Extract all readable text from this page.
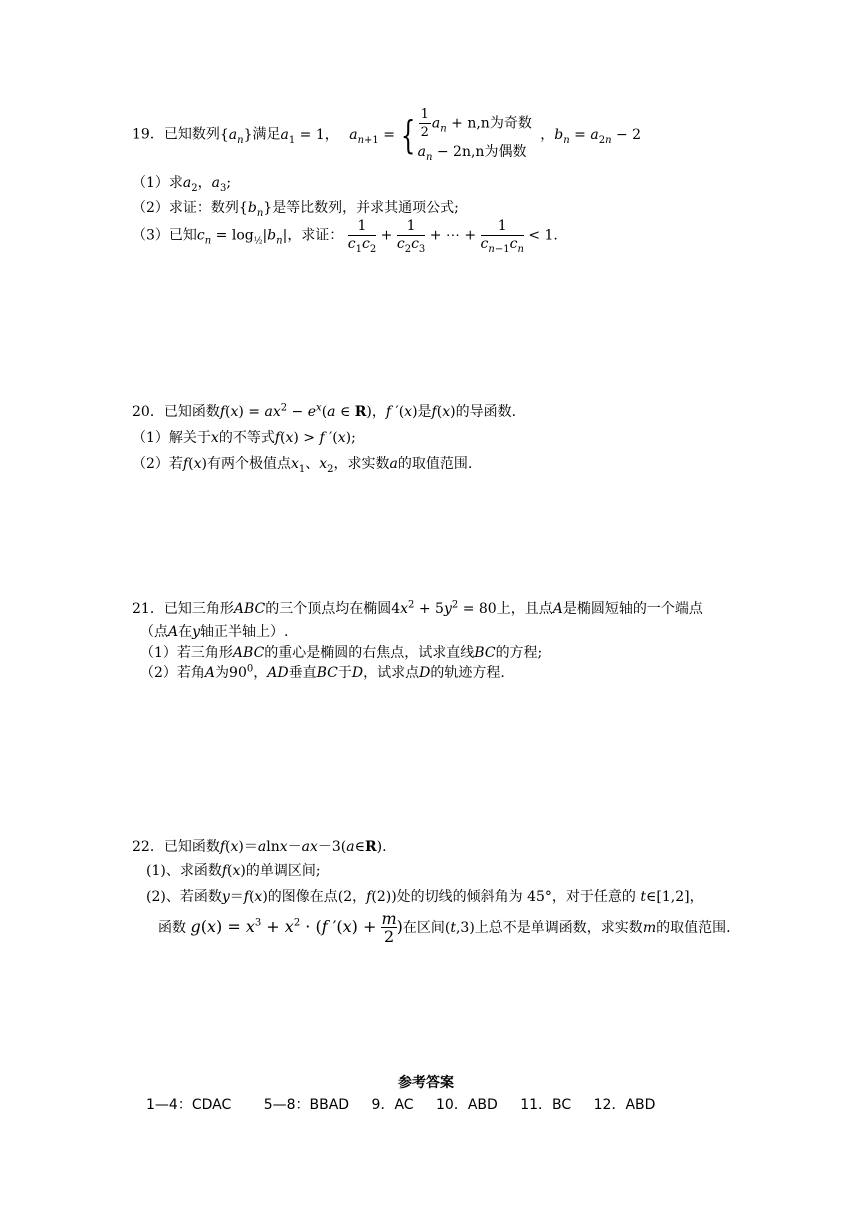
19．已知数列$\{a_n\}$满足$a_1 = 1$， $a_{n+1}$ = { $\frac{1}{2} a_n + n,n$为奇数
$a_n - 2n,n$为偶数
，$b_n = a_{2n} - 2$
（1）求$a_2$，$a_3$;
（2）求证：数列$\{b_n\}$是等比数列，并求其通项公式;
（3）已知$c_n = \log_{\frac{1}{2}}|b_n|$，求证： $\frac{1}{c_1c_2} + \frac{1}{c_2c_3}$ + ⋯ + $\frac{1}{c_{n-1}c_n} < 1$.
20．已知函数$f(x) = ax^2 - e^x(a$ ∈ R)，f ′(x)是f(x)的导函数.
（1）解关于x的不等式f(x) > f ′(x);
（2）若f(x)有两个极值点$x_1$、$x_2$，求实数a的取值范围.
21．已知三角形ABC的三个顶点均在椭圆$4x^2 + 5y^2 = 80$上，且点A是椭圆短轴的一个端点
（点A在y轴正半轴上）.
（1）若三角形ABC的重心是椭圆的右焦点，试求直线BC的方程;
（2）若角A为$90^0$，AD垂直BC于D，试求点D的轨迹方程.
22．已知函数f(x)＝alnx－ax－3(a∈R).
(1)、求函数f(x)的单调区间;
(2)、若函数y＝f(x)的图像在点(2，f(2))处的切线的倾斜角为 45°，对于任意的 t∈[1,2]，
函数 $g(x) = x^3 + x^2 \cdot (f$ $'(x) + \frac{m}{2}$ )在区间(t,3)上总不是单调函数，求实数m的取值范围.
参考答案
1—4：CDAC 5—8：BBAD 9．AC 10．ABD 11．BC 12．ABD
